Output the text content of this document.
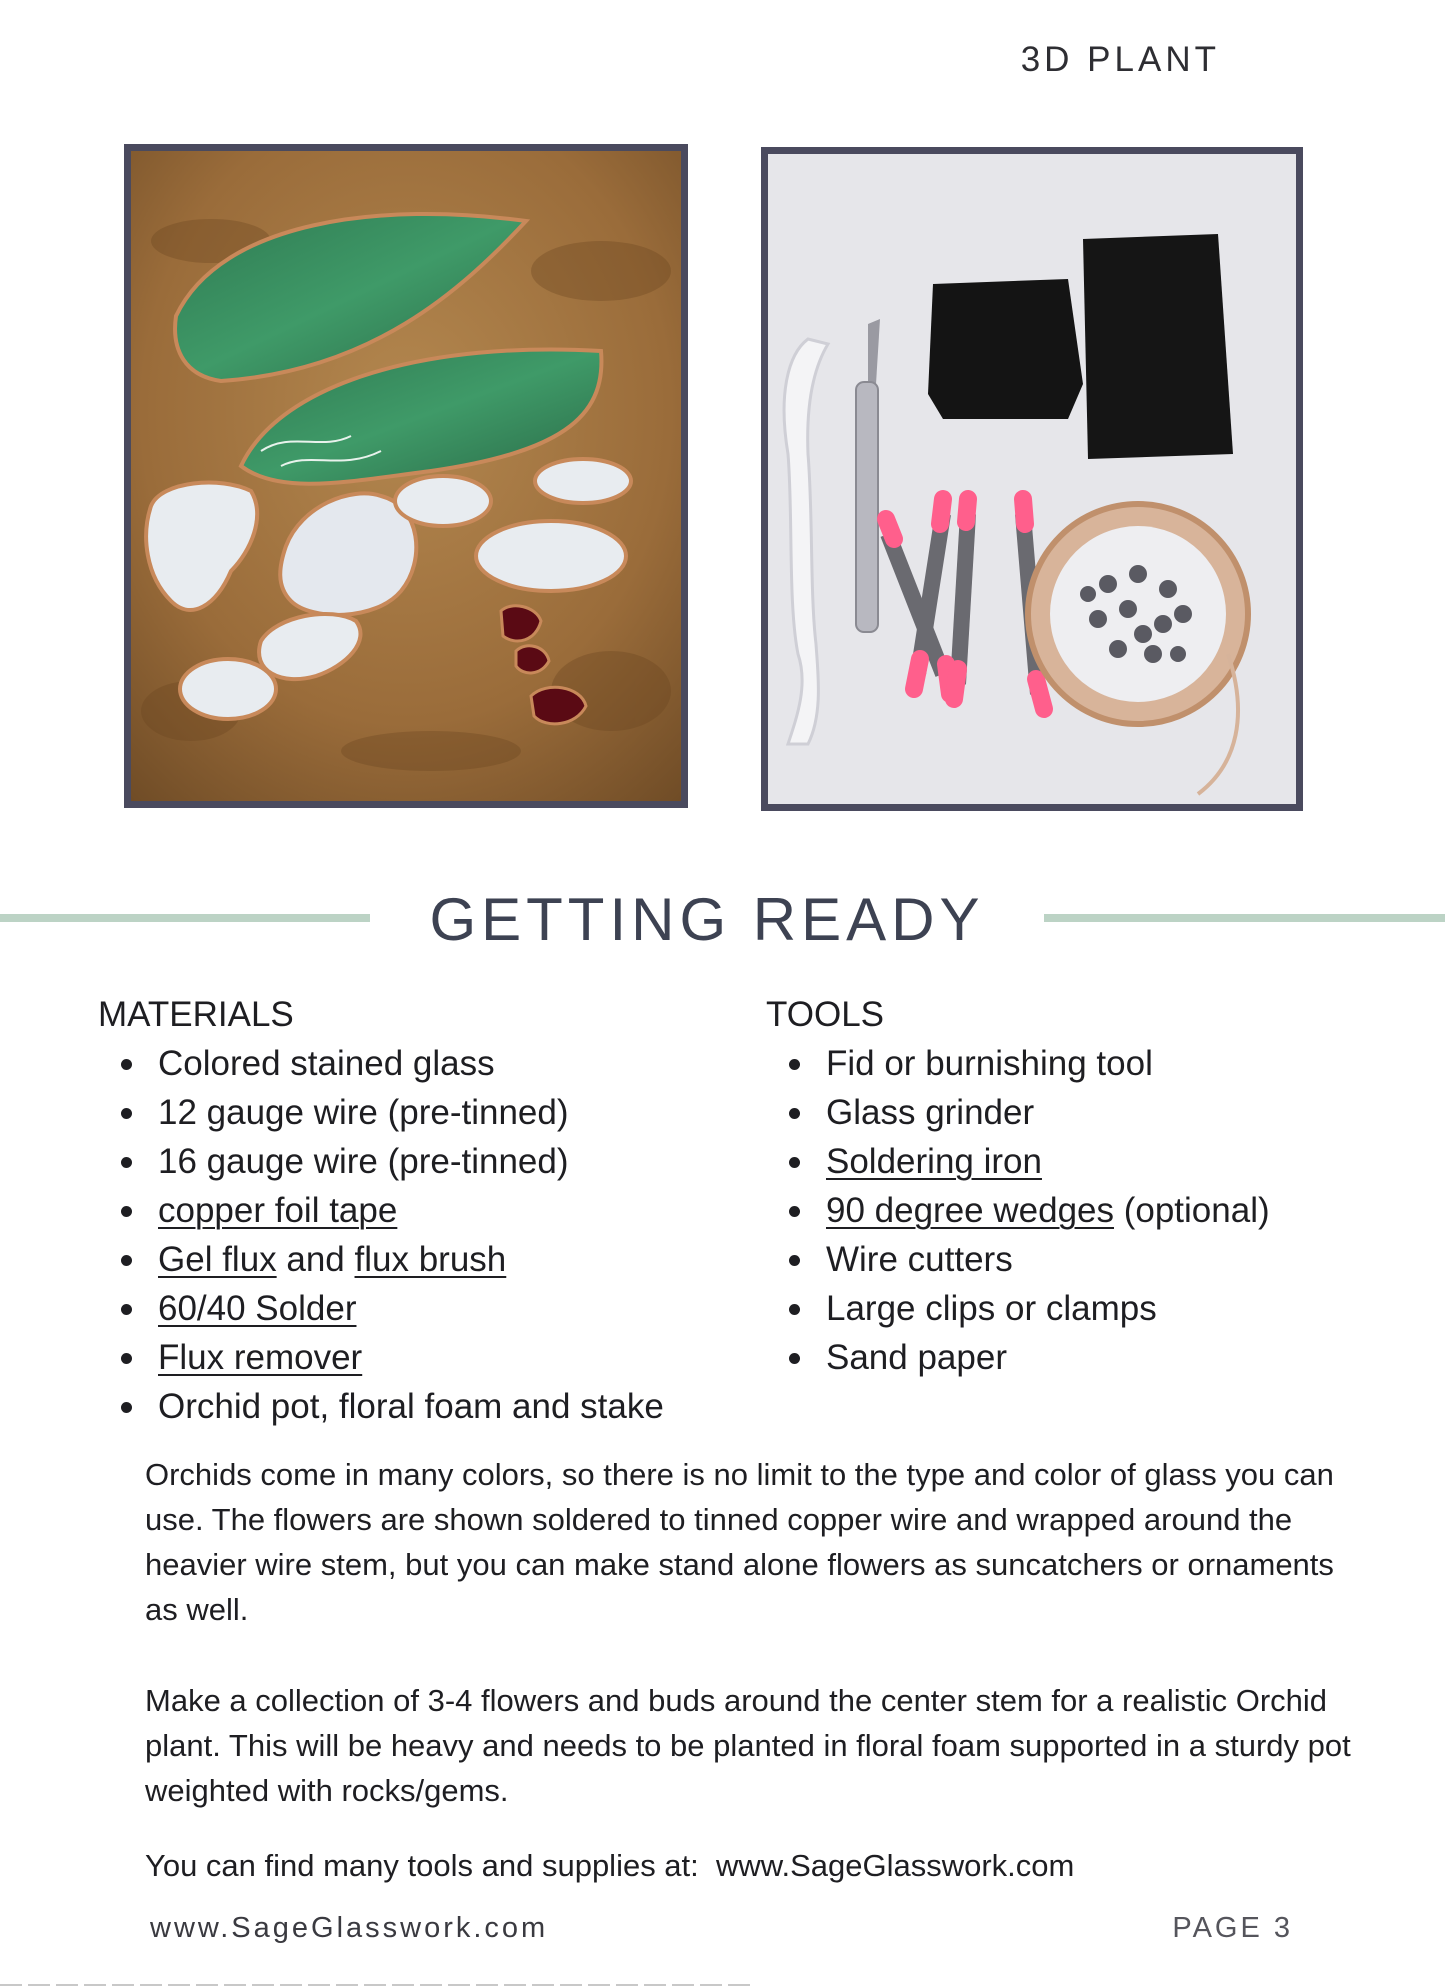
3D PLANT
GETTING READY

MATERIALS

Colored stained glass
12 gauge wire (pre-tinned)
16 gauge wire (pre-tinned)
copper foil tape
Gel flux and flux brush
60/40 Solder
Flux remover
Orchid pot, floral foam and stake

TOOLS

Fid or burnishing tool
Glass grinder
Soldering iron
90 degree wedges (optional)
Wire cutters
Large clips or clamps
Sand paper

Orchids come in many colors, so there is no limit to the type and color of glass you can use. The flowers are shown soldered to tinned copper wire and wrapped around the heavier wire stem, but you can make stand alone flowers as suncatchers or ornaments as well.

Make a collection of 3-4 flowers and buds around the center stem for a realistic Orchid plant. This will be heavy and needs to be planted in floral foam supported in a sturdy pot weighted with rocks/gems.

You can find many tools and supplies at:  www.SageGlasswork.com

www.SageGlasswork.com	PAGE 3
